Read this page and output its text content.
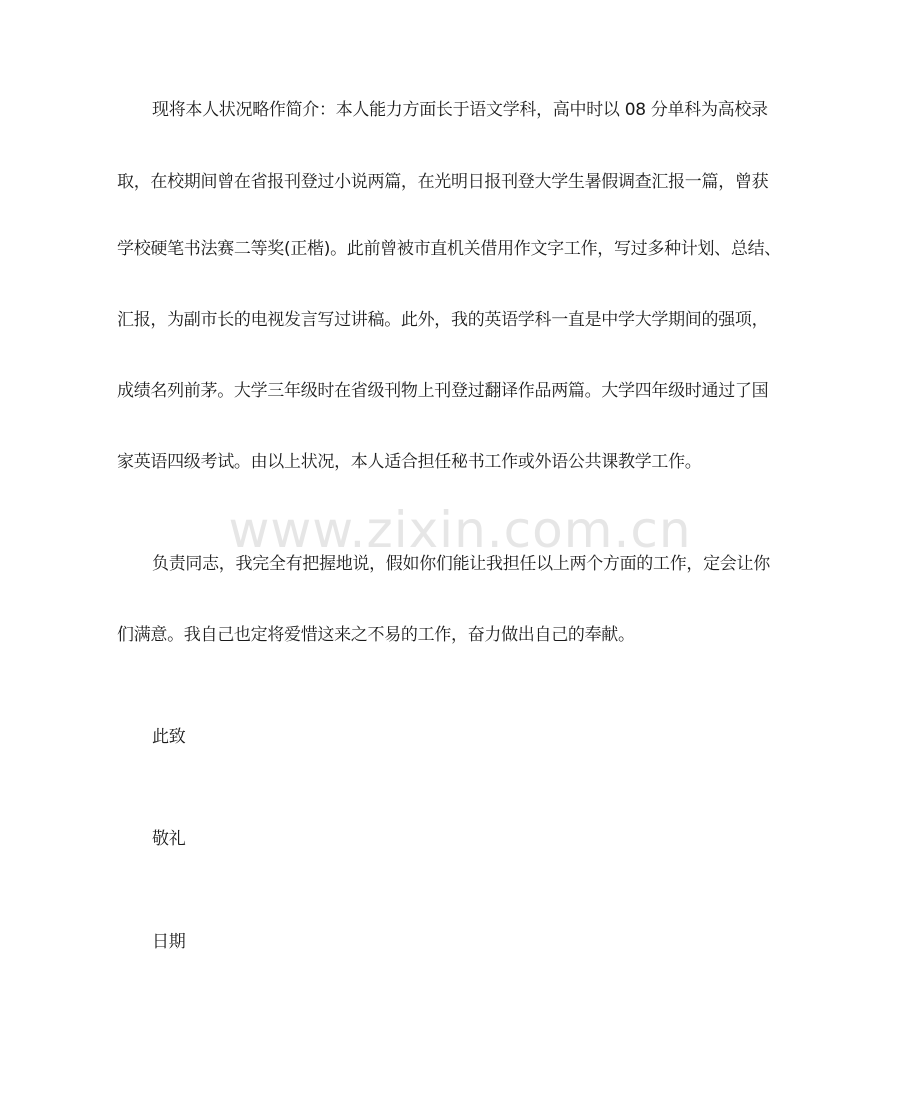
www.zixin.com.cn
现将本人状况略作简介：本人能力方面长于语文学科，高中时以 08 分单科为高校录
取，在校期间曾在省报刊登过小说两篇，在光明日报刊登大学生暑假调查汇报一篇，曾获
学校硬笔书法赛二等奖(正楷)。此前曾被市直机关借用作文字工作，写过多种计划、总结、
汇报，为副市长的电视发言写过讲稿。此外，我的英语学科一直是中学大学期间的强项，
成绩名列前茅。大学三年级时在省级刊物上刊登过翻译作品两篇。大学四年级时通过了国
家英语四级考试。由以上状况，本人适合担任秘书工作或外语公共课教学工作。
负责同志，我完全有把握地说，假如你们能让我担任以上两个方面的工作，定会让你
们满意。我自己也定将爱惜这来之不易的工作，奋力做出自己的奉献。
此致
敬礼
日期
